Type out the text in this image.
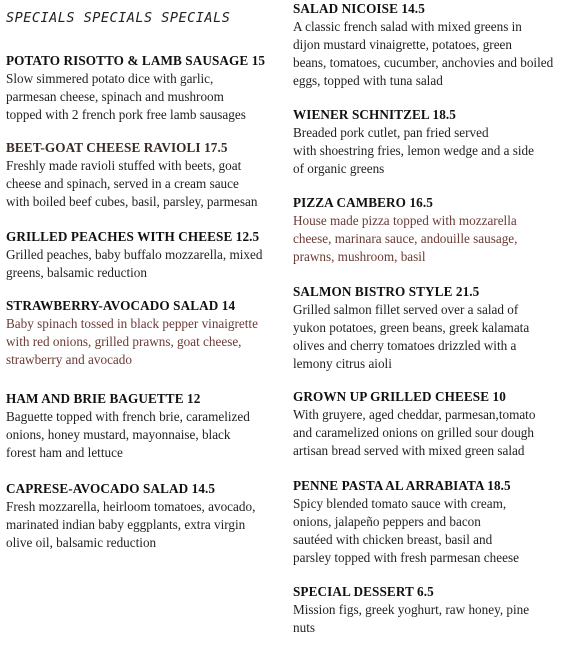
SPECIALS SPECIALS SPECIALS
POTATO RISOTTO & LAMB SAUSAGE 15
Slow simmered potato dice with garlic,
parmesan cheese, spinach and mushroom
topped with 2 french pork free lamb sausages
BEET-GOAT CHEESE RAVIOLI 17.5
Freshly made ravioli stuffed with beets, goat
cheese and spinach, served in a cream sauce
with boiled beef cubes, basil, parsley, parmesan
GRILLED PEACHES WITH CHEESE 12.5
Grilled peaches, baby buffalo mozzarella, mixed
greens, balsamic reduction
STRAWBERRY-AVOCADO SALAD 14
Baby spinach tossed in black pepper vinaigrette
with red onions, grilled prawns, goat cheese,
strawberry and avocado
HAM AND BRIE BAGUETTE 12
Baguette topped with french brie, caramelized
onions, honey mustard, mayonnaise, black
forest ham and lettuce
CAPRESE-AVOCADO SALAD 14.5
Fresh mozzarella, heirloom tomatoes, avocado,
marinated indian baby eggplants, extra virgin
olive oil, balsamic reduction
SALAD NICOISE 14.5
A classic french salad with mixed greens in
dijon mustard vinaigrette, potatoes, green
beans, tomatoes, cucumber, anchovies and boiled
eggs, topped with tuna salad
WIENER SCHNITZEL 18.5
Breaded pork cutlet, pan fried served
with shoestring fries, lemon wedge and a side
of organic greens
PIZZA CAMBERO 16.5
House made pizza topped with mozzarella
cheese, marinara sauce, andouille sausage,
prawns, mushroom, basil
SALMON BISTRO STYLE 21.5
Grilled salmon fillet served over a salad of
yukon potatoes, green beans, greek kalamata
olives and cherry tomatoes drizzled with a
lemony citrus aioli
GROWN UP GRILLED CHEESE 10
With gruyere, aged cheddar, parmesan,tomato
and caramelized onions on grilled sour dough
artisan bread served with mixed green salad
PENNE PASTA AL ARRABIATA 18.5
Spicy blended tomato sauce with cream,
onions, jalapeño peppers and bacon
sautéed with chicken breast, basil and
parsley topped with fresh parmesan cheese
SPECIAL DESSERT 6.5
Mission figs, greek yoghurt, raw honey, pine
nuts
